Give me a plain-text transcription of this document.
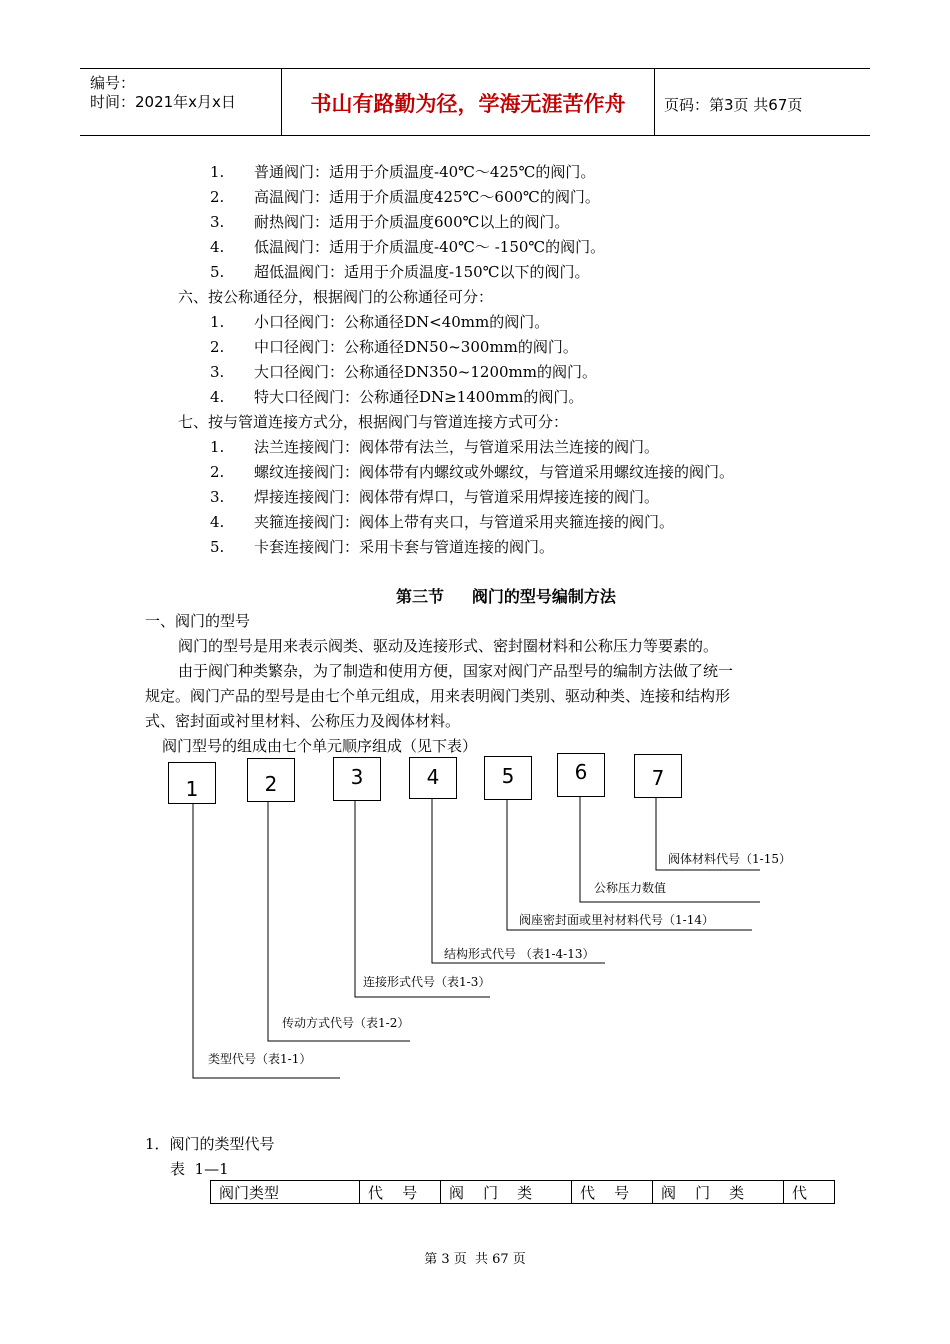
编号：
时间：2021年x月x日	书山有路勤为径，学海无涯苦作舟	页码：第3页 共67页
1. 普通阀门：适用于介质温度-40℃～425℃的阀门。
2. 高温阀门：适用于介质温度425℃～600℃的阀门。
3. 耐热阀门：适用于介质温度600℃以上的阀门。
4. 低温阀门：适用于介质温度-40℃～ -150℃的阀门。
5. 超低温阀门：适用于介质温度-150℃以下的阀门。
六、按公称通径分，根据阀门的公称通径可分：
1. 小口径阀门：公称通径DN<40mm的阀门。
2. 中口径阀门：公称通径DN50~300mm的阀门。
3. 大口径阀门：公称通径DN350~1200mm的阀门。
4. 特大口径阀门：公称通径DN≥1400mm的阀门。
七、按与管道连接方式分，根据阀门与管道连接方式可分：
1. 法兰连接阀门：阀体带有法兰，与管道采用法兰连接的阀门。
2. 螺纹连接阀门：阀体带有内螺纹或外螺纹，与管道采用螺纹连接的阀门。
3. 焊接连接阀门：阀体带有焊口，与管道采用焊接连接的阀门。
4. 夹箍连接阀门：阀体上带有夹口，与管道采用夹箍连接的阀门。
5. 卡套连接阀门：采用卡套与管道连接的阀门。
第三节     阀门的型号编制方法
一、阀门的型号
阀门的型号是用来表示阀类、驱动及连接形式、密封圈材料和公称压力等要素的。
由于阀门种类繁杂，为了制造和使用方便，国家对阀门产品型号的编制方法做了统一
规定。阀门产品的型号是由七个单元组成，用来表明阀门类别、驱动种类、连接和结构形
式、密封面或衬里材料、公称压力及阀体材料。
阀门型号的组成由七个单元顺序组成（见下表）
1	2	3	4	5	6	7
阀体材料代号（1-15）
公称压力数值
阀座密封面或里衬材料代号（1-14）
结构形式代号 （表1-4-13）
连接形式代号（表1-3）
传动方式代号（表1-2）
类型代号（表1-1）
1．阀门的类型代号
表  1—1
阀门类型	代    号	阀    门    类	代    号	阀    门    类	代
第 3 页  共 67 页
